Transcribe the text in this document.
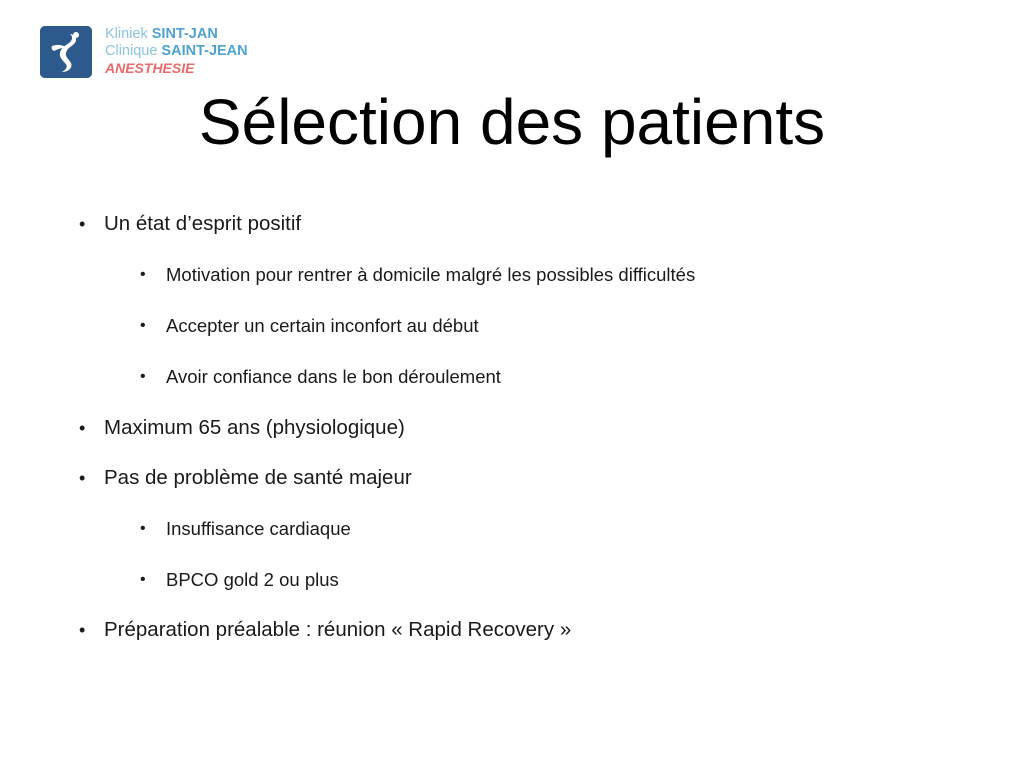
Kliniek SINT-JAN
Clinique SAINT-JEAN
ANESTHESIE
Sélection des patients
• Un état d’esprit positif
• Motivation pour rentrer à domicile malgré les possibles difficultés
• Accepter un certain inconfort au début
• Avoir confiance dans le bon déroulement
• Maximum 65 ans (physiologique)
• Pas de problème de santé majeur
• Insuffisance cardiaque
• BPCO gold 2 ou plus
• Préparation préalable : réunion « Rapid Recovery »
